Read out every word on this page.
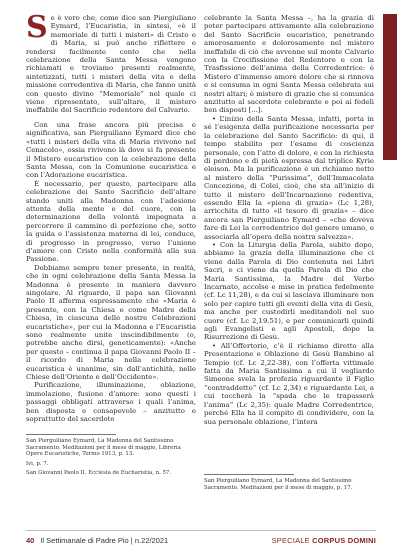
S e è vero che, come dice san Piergiuliano Eymard, l’Eucaristia, in sintesi, «è il memoriale di tutti i misteri» di Cristo e di Maria, si può anche riflettere e rendersi facilmente conto che nella celebrazione della Santa Messa vengono richiamati e troviamo presenti realmente, sintetizzati, tutti i misteri della vita e della missione corredentiva di Maria, che fanno unità con questo divino “Memoriale” nel quale ci viene ripresentato, sull’altare, il mistero ineffabile del Sacrificio redentore del Calvario.

Con una frase ancora più precisa e significativa, san Pierguiliano Eymard dice che «tutti i misteri della vita di Maria rivivono nel Cenacolo», ossia rivivono là dove si fa presente il Mistero eucaristico con la celebrazione della Santa Messa, con la Comunione eucaristica e con l’Adorazione eucaristica.

È necessario, per questo, partecipare alla celebrazione dei Santo Sacrificio dell’altare stando uniti alla Madonna con l’adesione attenta della mente e del cuore, con la determinazione della volontà impegnata a percorrere il cammino di perfezione che, sotto la guida e l’assistenza materna di lei, conduce, di progresso in progresso, verso l’unione d’amore con Cristo nella conformità alla sua Passione.

Dobbiamo sempre tener presente, in realtà, che in ogni celebrazione della Santa Messa la Madonna è presente in maniera davvero singolare. Al riguardo, il papa san Giovanni Paolo II afferma espressamente che «Maria è presente, con la Chiesa e come Madre della Chiesa, in ciascuna delle nostre Celebrazioni eucaristiche», per cui la Madonna e l’Eucaristia sono realmente unite inscindibilmente (o, potrebbe anche dirsi, geneticamente): «Anche per questo – continua il papa Giovanni Paolo II – il ricordo di Maria nella celebrazione eucaristica è unanime, sin dall’antichità, nelle Chiese dell’Oriente e dell’Occidente».

Purificazione, illuminazione, oblazione, immolazione, fusione d’amore: sono questi i passaggi obbligati attraverso i quali l’anima, ben disposta e consapevole – anzitutto e soprattutto del sacerdote

celebrante la Santa Messa –, ha la grazia di poter partecipare attivamente alla celebrazione del Santo Sacrificio eucaristico, penetrando amorosamente e dolorosamente nel mistero ineffabile di ciò che avvenne sul monte Calvario con la Crocifissione del Redentore e con la Trasfissione dell’anima della Corredentrice: è Mistero d’immenso amore dolore che si rinnova e si consuma in ogni Santa Messa celebrata sui nostri altari; è mistero di grazie che si comunica anzitutto al sacerdote celebrante e poi ai fedeli ben disposti [...].

• L’inizio della Santa Messa, infatti, porta in sé l’esigenza della purificazione necessaria per la celebrazione del Santo Sacrificio: di qui, il tempo stabilito per l’esame di coscienza personale, con l’atto di dolore, e con la richiesta di perdono e di pietà espressa dal triplice Kyrie eleison. Ma la purificazione è un richiamo netto al mistero della “Purissima”, dell’Immacolata Concezione, di Colei, cioè, che sta all’inizio di tutto il mistero dell’Incarnazione redentiva, essendo Ella la «piena di grazia» (Lc 1,28), arricchita di tutto «il tesoro di grazia» – dice ancora san Pierguiliano Eymard – «che doveva fare di Lei la corredentrice del genere umano, e associarla all’opera della nostra salvezza».

• Con la Liturgia della Parola, subito dopo, abbiamo la grazia della illuminazione che ci viene dalla Parola di Dio contenuta nei Libri Sacri, e ci viene da quella Parola di Dio che Maria Santissima, la Madre del Verbo Incarnato, accolse e mise in pratica fedelmente (cf. Lc 11,28), e da cui si lasciava illuminare non solo per capire tutti gli eventi della vita di Gesù, ma anche per custodirli meditandoli nel suo cuore (cf. Lc 2,19.51), e per comunicarli quindi agli Evangelisti e agli Apostoli, dopo la Risurrezione di Gesù.

• All’Offertorio, c’è il richiamo diretto alla Presentazione e Oblazione di Gesù Bambino al Tempio (cf. Lc 2,22-38), con l’offerta vittimale fatta da Maria Santissima a cui il vegliardo Simeone svela la profezia riguardante il Figlio “contraddetto” (cf. Lc 2,34) e riguardante Lei, a cui toccherà la “spada che le trapasserà l’anima” (Lc 2,35): quale Madre Corredentrice, perché Ella ha il compito di condividere, con la sua personale oblazione, l’intera

San Pierguiliano Eymard, La Madonna del Santissimo Sacramento. Meditazioni per il mese di maggio, Libreria Opere Eucaristiche, Torino 1913, p. 13.

Ivi, p. 7.

San Giovanni Paolo II, Ecclesia de Eucharistia, n. 57.

San Pierguiliano Eymard, La Madonna del Santissimo Sacramento. Meditazioni per il mese di maggio, p. 17.

40 Il Settimanale di Padre Pio | n.22/2021	SPECIALE CORPUS DOMINI
